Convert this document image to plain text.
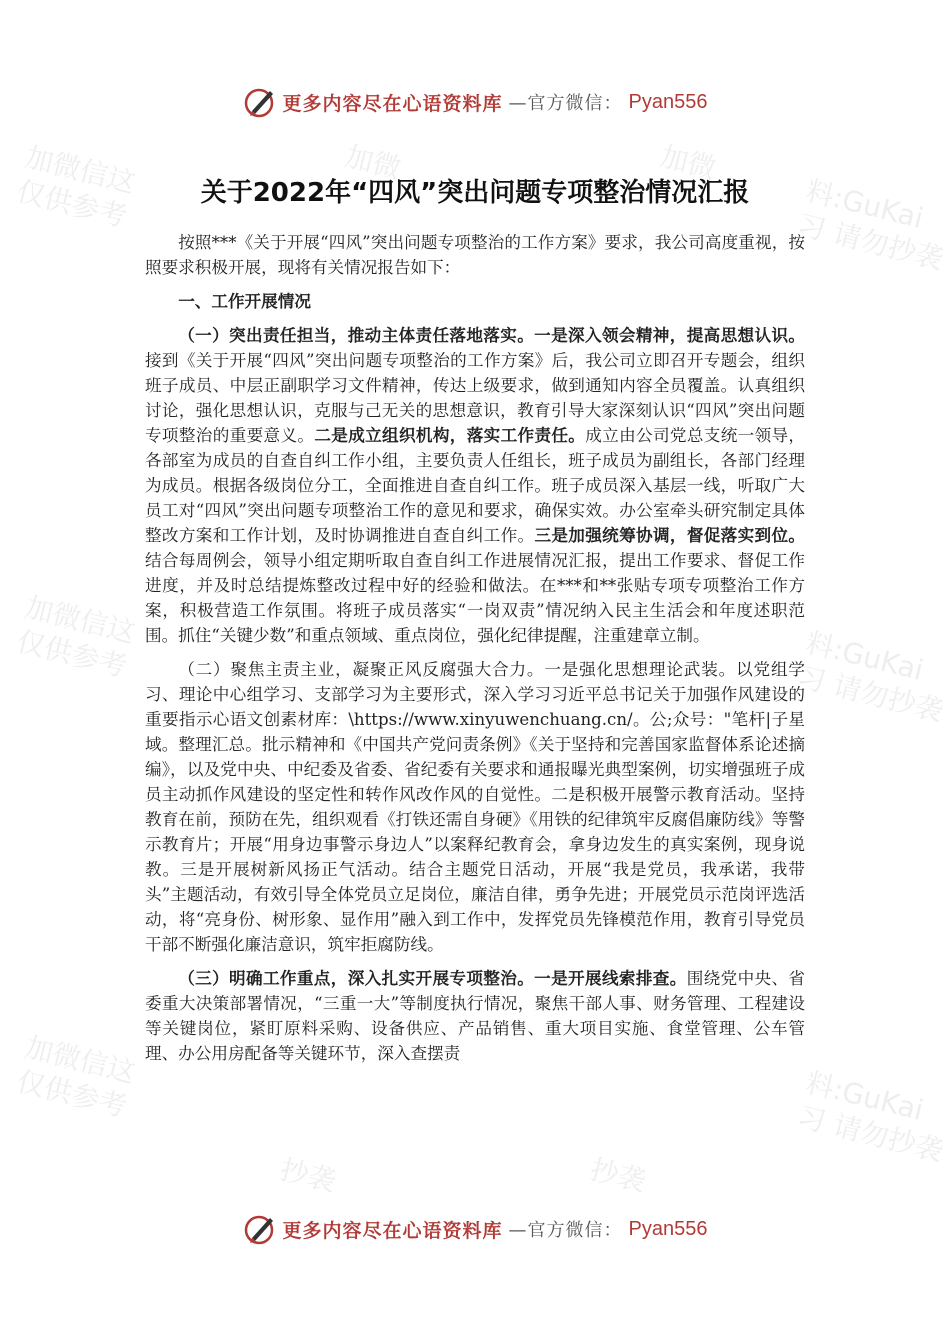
加微信这
仅供参考	料:GuKai
习 请勿抄袭
加微信这
仅供参考	料:GuKai
习 请勿抄袭
加微信这
仅供参考	料:GuKai
习 请勿抄袭
加微	加微
抄袭	抄袭
更多内容尽在心语资料库 —官方微信： Pyan556
关于2022年“四风”突出问题专项整治情况汇报

按照***《关于开展“四风”突出问题专项整治的工作方案》要求，我公司高度重视，按照要求积极开展，现将有关情况报告如下：

一、工作开展情况

（一）突出责任担当，推动主体责任落地落实。一是深入领会精神，提高思想认识。接到《关于开展“四风”突出问题专项整治的工作方案》后，我公司立即召开专题会，组织班子成员、中层正副职学习文件精神，传达上级要求，做到通知内容全员覆盖。认真组织讨论，强化思想认识，克服与己无关的思想意识，教育引导大家深刻认识“四风”突出问题专项整治的重要意义。二是成立组织机构，落实工作责任。成立由公司党总支统一领导，各部室为成员的自查自纠工作小组，主要负责人任组长，班子成员为副组长，各部门经理为成员。根据各级岗位分工，全面推进自查自纠工作。班子成员深入基层一线，听取广大员工对“四风”突出问题专项整治工作的意见和要求，确保实效。办公室牵头研究制定具体整改方案和工作计划，及时协调推进自查自纠工作。三是加强统筹协调，督促落实到位。结合每周例会，领导小组定期听取自查自纠工作进展情况汇报，提出工作要求、督促工作进度，并及时总结提炼整改过程中好的经验和做法。在***和**张贴专项专项整治工作方案，积极营造工作氛围。将班子成员落实“一岗双责”情况纳入民主生活会和年度述职范围。抓住“关键少数”和重点领域、重点岗位，强化纪律提醒，注重建章立制。

（二）聚焦主责主业，凝聚正风反腐强大合力。一是强化思想理论武装。以党组学习、理论中心组学习、支部学习为主要形式，深入学习习近平总书记关于加强作风建设的重要指示心语文创素材库：\https://www.xinyuwenchuang.cn/。公;众号："笔杆|子星域。整理汇总。批示精神和《中国共产党问责条例》《关于坚持和完善国家监督体系论述摘编》，以及党中央、中纪委及省委、省纪委有关要求和通报曝光典型案例，切实增强班子成员主动抓作风建设的坚定性和转作风改作风的自觉性。二是积极开展警示教育活动。坚持教育在前，预防在先，组织观看《打铁还需自身硬》《用铁的纪律筑牢反腐倡廉防线》等警示教育片；开展“用身边事警示身边人”以案释纪教育会，拿身边发生的真实案例，现身说教。三是开展树新风扬正气活动。结合主题党日活动，开展“我是党员，我承诺，我带头”主题活动，有效引导全体党员立足岗位，廉洁自律，勇争先进；开展党员示范岗评选活动，将“亮身份、树形象、显作用”融入到工作中，发挥党员先锋模范作用，教育引导党员干部不断强化廉洁意识，筑牢拒腐防线。

（三）明确工作重点，深入扎实开展专项整治。一是开展线索排查。围绕党中央、省委重大决策部署情况，“三重一大”等制度执行情况，聚焦干部人事、财务管理、工程建设等关键岗位，紧盯原料采购、设备供应、产品销售、重大项目实施、食堂管理、公车管理、办公用房配备等关键环节，深入查摆责

更多内容尽在心语资料库 —官方微信： Pyan556
